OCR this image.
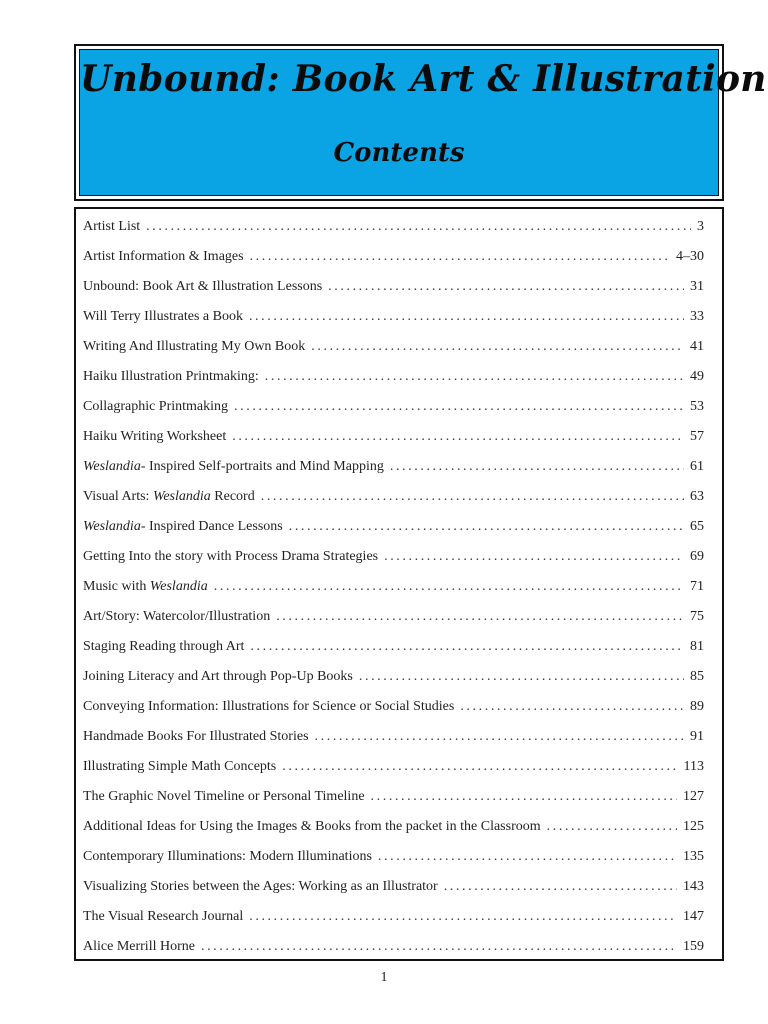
Unbound: Book Art & Illustration
Contents
Artist List .....	3
Artist Information & Images .....	4–30
Unbound: Book Art & Illustration Lessons .....	31
Will Terry Illustrates a Book .....	33
Writing And Illustrating My Own Book .....	41
Haiku Illustration Printmaking: .....	49
Collagraphic Printmaking .....	53
Haiku Writing Worksheet .....	57
Weslandia- Inspired Self-portraits and Mind Mapping .....	61
Visual Arts: Weslandia Record .....	63
Weslandia- Inspired Dance Lessons .....	65
Getting Into the story with Process Drama Strategies .....	69
Music with Weslandia .....	71
Art/Story: Watercolor/Illustration .....	75
Staging Reading through Art .....	81
Joining Literacy and Art through Pop-Up Books .....	85
Conveying Information: Illustrations for Science or Social Studies .....	89
Handmade Books For Illustrated Stories .....	91
Illustrating Simple Math Concepts .....	113
The Graphic Novel Timeline or Personal Timeline .....	127
Additional Ideas for Using the Images & Books from the packet in the Classroom .....	125
Contemporary Illuminations: Modern Illuminations .....	135
Visualizing Stories between the Ages: Working as an Illustrator .....	143
The Visual Research Journal .....	147
Alice Merrill Horne .....	159
1
